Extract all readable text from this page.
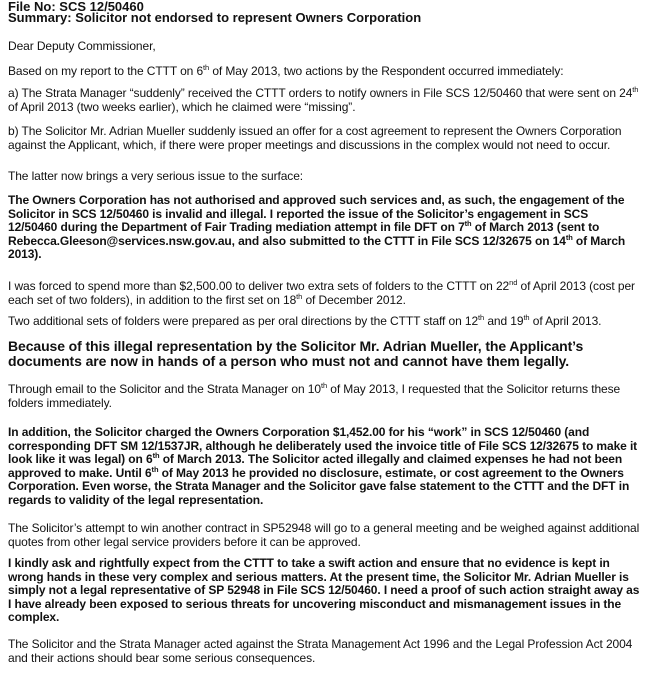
File No: SCS 12/50460
Summary: Solicitor not endorsed to represent Owners Corporation
Dear Deputy Commissioner,
Based on my report to the CTTT on 6th of May 2013, two actions by the Respondent occurred immediately:
a) The Strata Manager “suddenly” received the CTTT orders to notify owners in File SCS 12/50460 that were sent on 24th of April 2013 (two weeks earlier), which he claimed were “missing”.
b) The Solicitor Mr. Adrian Mueller suddenly issued an offer for a cost agreement to represent the Owners Corporation against the Applicant, which, if there were proper meetings and discussions in the complex would not need to occur.
The latter now brings a very serious issue to the surface:
The Owners Corporation has not authorised and approved such services and, as such, the engagement of the Solicitor in SCS 12/50460 is invalid and illegal. I reported the issue of the Solicitor’s engagement in SCS 12/50460 during the Department of Fair Trading mediation attempt in file DFT on 7th of March 2013 (sent to Rebecca.Gleeson@services.nsw.gov.au, and also submitted to the CTTT in File SCS 12/32675 on 14th of March 2013).
I was forced to spend more than $2,500.00 to deliver two extra sets of folders to the CTTT on 22nd of April 2013 (cost per each set of two folders), in addition to the first set on 18th of December 2012.
Two additional sets of folders were prepared as per oral directions by the CTTT staff on 12th and 19th of April 2013.
Because of this illegal representation by the Solicitor Mr. Adrian Mueller, the Applicant’s documents are now in hands of a person who must not and cannot have them legally.
Through email to the Solicitor and the Strata Manager on 10th of May 2013, I requested that the Solicitor returns these folders immediately.
In addition, the Solicitor charged the Owners Corporation $1,452.00 for his “work” in SCS 12/50460 (and corresponding DFT SM 12/1537JR, although he deliberately used the invoice title of File SCS 12/32675 to make it look like it was legal) on 6th of March 2013. The Solicitor acted illegally and claimed expenses he had not been approved to make. Until 6th of May 2013 he provided no disclosure, estimate, or cost agreement to the Owners Corporation. Even worse, the Strata Manager and the Solicitor gave false statement to the CTTT and the DFT in regards to validity of the legal representation.
The Solicitor’s attempt to win another contract in SP52948 will go to a general meeting and be weighed against additional quotes from other legal service providers before it can be approved.
I kindly ask and rightfully expect from the CTTT to take a swift action and ensure that no evidence is kept in wrong hands in these very complex and serious matters. At the present time, the Solicitor Mr. Adrian Mueller is simply not a legal representative of SP 52948 in File SCS 12/50460. I need a proof of such action straight away as I have already been exposed to serious threats for uncovering misconduct and mismanagement issues in the complex.
The Solicitor and the Strata Manager acted against the Strata Management Act 1996 and the Legal Profession Act 2004 and their actions should bear some serious consequences.
